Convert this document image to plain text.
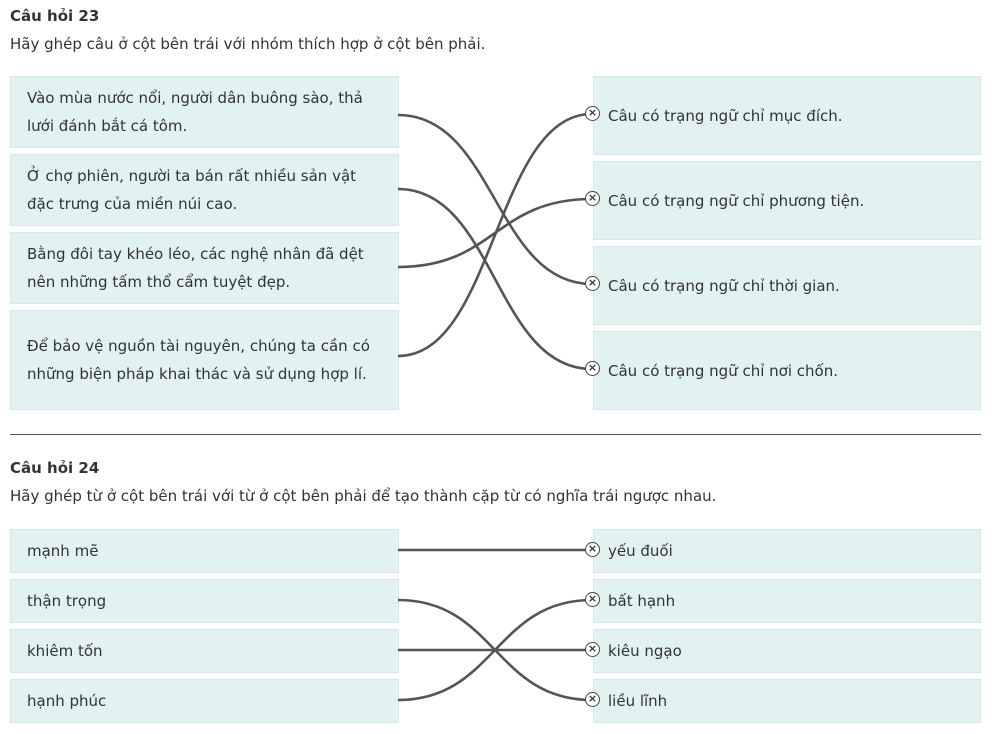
Câu hỏi 23
Hãy ghép câu ở cột bên trái với nhóm thích hợp ở cột bên phải.
Vào mùa nước nổi, người dân buông sào, thả lưới đánh bắt cá tôm.
Ở chợ phiên, người ta bán rất nhiều sản vật đặc trưng của miền núi cao.
Bằng đôi tay khéo léo, các nghệ nhân đã dệt nên những tấm thổ cẩm tuyệt đẹp.
Để bảo vệ nguồn tài nguyên, chúng ta cần có những biện pháp khai thác và sử dụng hợp lí.
Câu có trạng ngữ chỉ mục đích.
Câu có trạng ngữ chỉ phương tiện.
Câu có trạng ngữ chỉ thời gian.
Câu có trạng ngữ chỉ nơi chốn.
Câu hỏi 24
Hãy ghép từ ở cột bên trái với từ ở cột bên phải để tạo thành cặp từ có nghĩa trái ngược nhau.
mạnh mẽ
thận trọng
khiêm tốn
hạnh phúc
yếu đuối
bất hạnh
kiêu ngạo
liều lĩnh
×
×
×
×
×
×
×
×
